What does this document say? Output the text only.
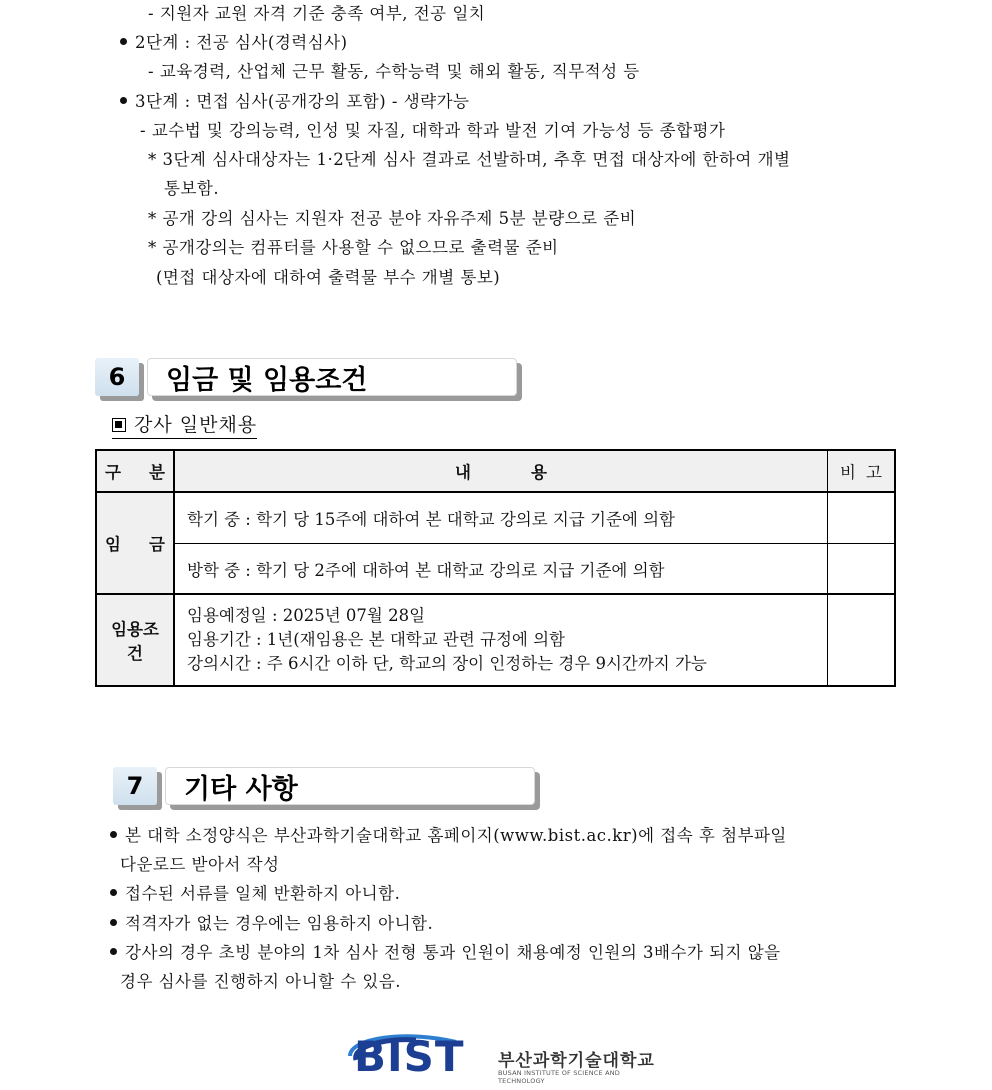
- 지원자 교원 자격 기준 충족 여부, 전공 일치
2단계 : 전공 심사(경력심사)
- 교육경력, 산업체 근무 활동, 수학능력 및 해외 활동, 직무적성 등
3단계 : 면접 심사(공개강의 포함) - 생략가능
- 교수법 및 강의능력, 인성 및 자질, 대학과 학과 발전 기여 가능성 등 종합평가
* 3단계 심사대상자는 1·2단계 심사 결과로 선발하며, 추후 면접 대상자에 한하여 개별
통보함.
* 공개 강의 심사는 지원자 전공 분야 자유주제 5분 분량으로 준비
* 공개강의는 컴퓨터를 사용할 수 없으므로 출력물 준비
(면접 대상자에 대하여 출력물 부수 개별 통보)
6	임금 및 임용조건
강사 일반채용
구 분	내 용	비 고

임 금	학기 중 : 학기 당 15주에 대하여 본 대학교 강의로 지급 기준에 의함	
	방학 중 : 학기 당 2주에 대하여 본 대학교 강의로 지급 기준에 의함	
임용조건	임용예정일 : 2025년 07월 28일
임용기간 : 1년(재임용은 본 대학교 관련 규정에 의함
강의시간 : 주 6시간 이하 단, 학교의 장이 인정하는 경우 9시간까지 가능	

7	기타 사항
본 대학 소정양식은 부산과학기술대학교 홈페이지(www.bist.ac.kr)에 접속 후 첨부파일
다운로드 받아서 작성
접수된 서류를 일체 반환하지 아니함.
적격자가 없는 경우에는 임용하지 아니함.
강사의 경우 초빙 분야의 1차 심사 전형 통과 인원이 채용예정 인원의 3배수가 되지 않을
경우 심사를 진행하지 아니할 수 있음.
BIST 부산과학기술대학교
BUSAN INSTITUTE OF SCIENCE AND TECHNOLOGY
